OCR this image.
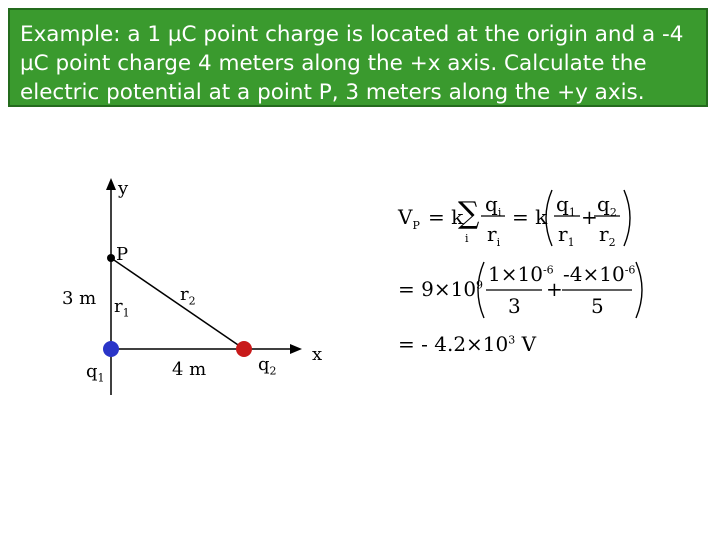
Example: a 1 µC point charge is located at the origin and a -4 µC point charge 4 meters along the +x axis. Calculate the electric potential at a point P, 3 meters along the +y axis.
y
x
P
3 m
4 m
$r_1$
$r_2$
$q_1$
$q_2$
$V_P = k$
∑
i
$q_i$
$r_i$
= k
$q_1$
$r_1$
+
$q_2$
$r_2$
= $9\times 10^9$ $1\times 10^{-6}$
3
+
$-4\times 10^{-6}$
5
= - $4.2\times 10^3$ V
